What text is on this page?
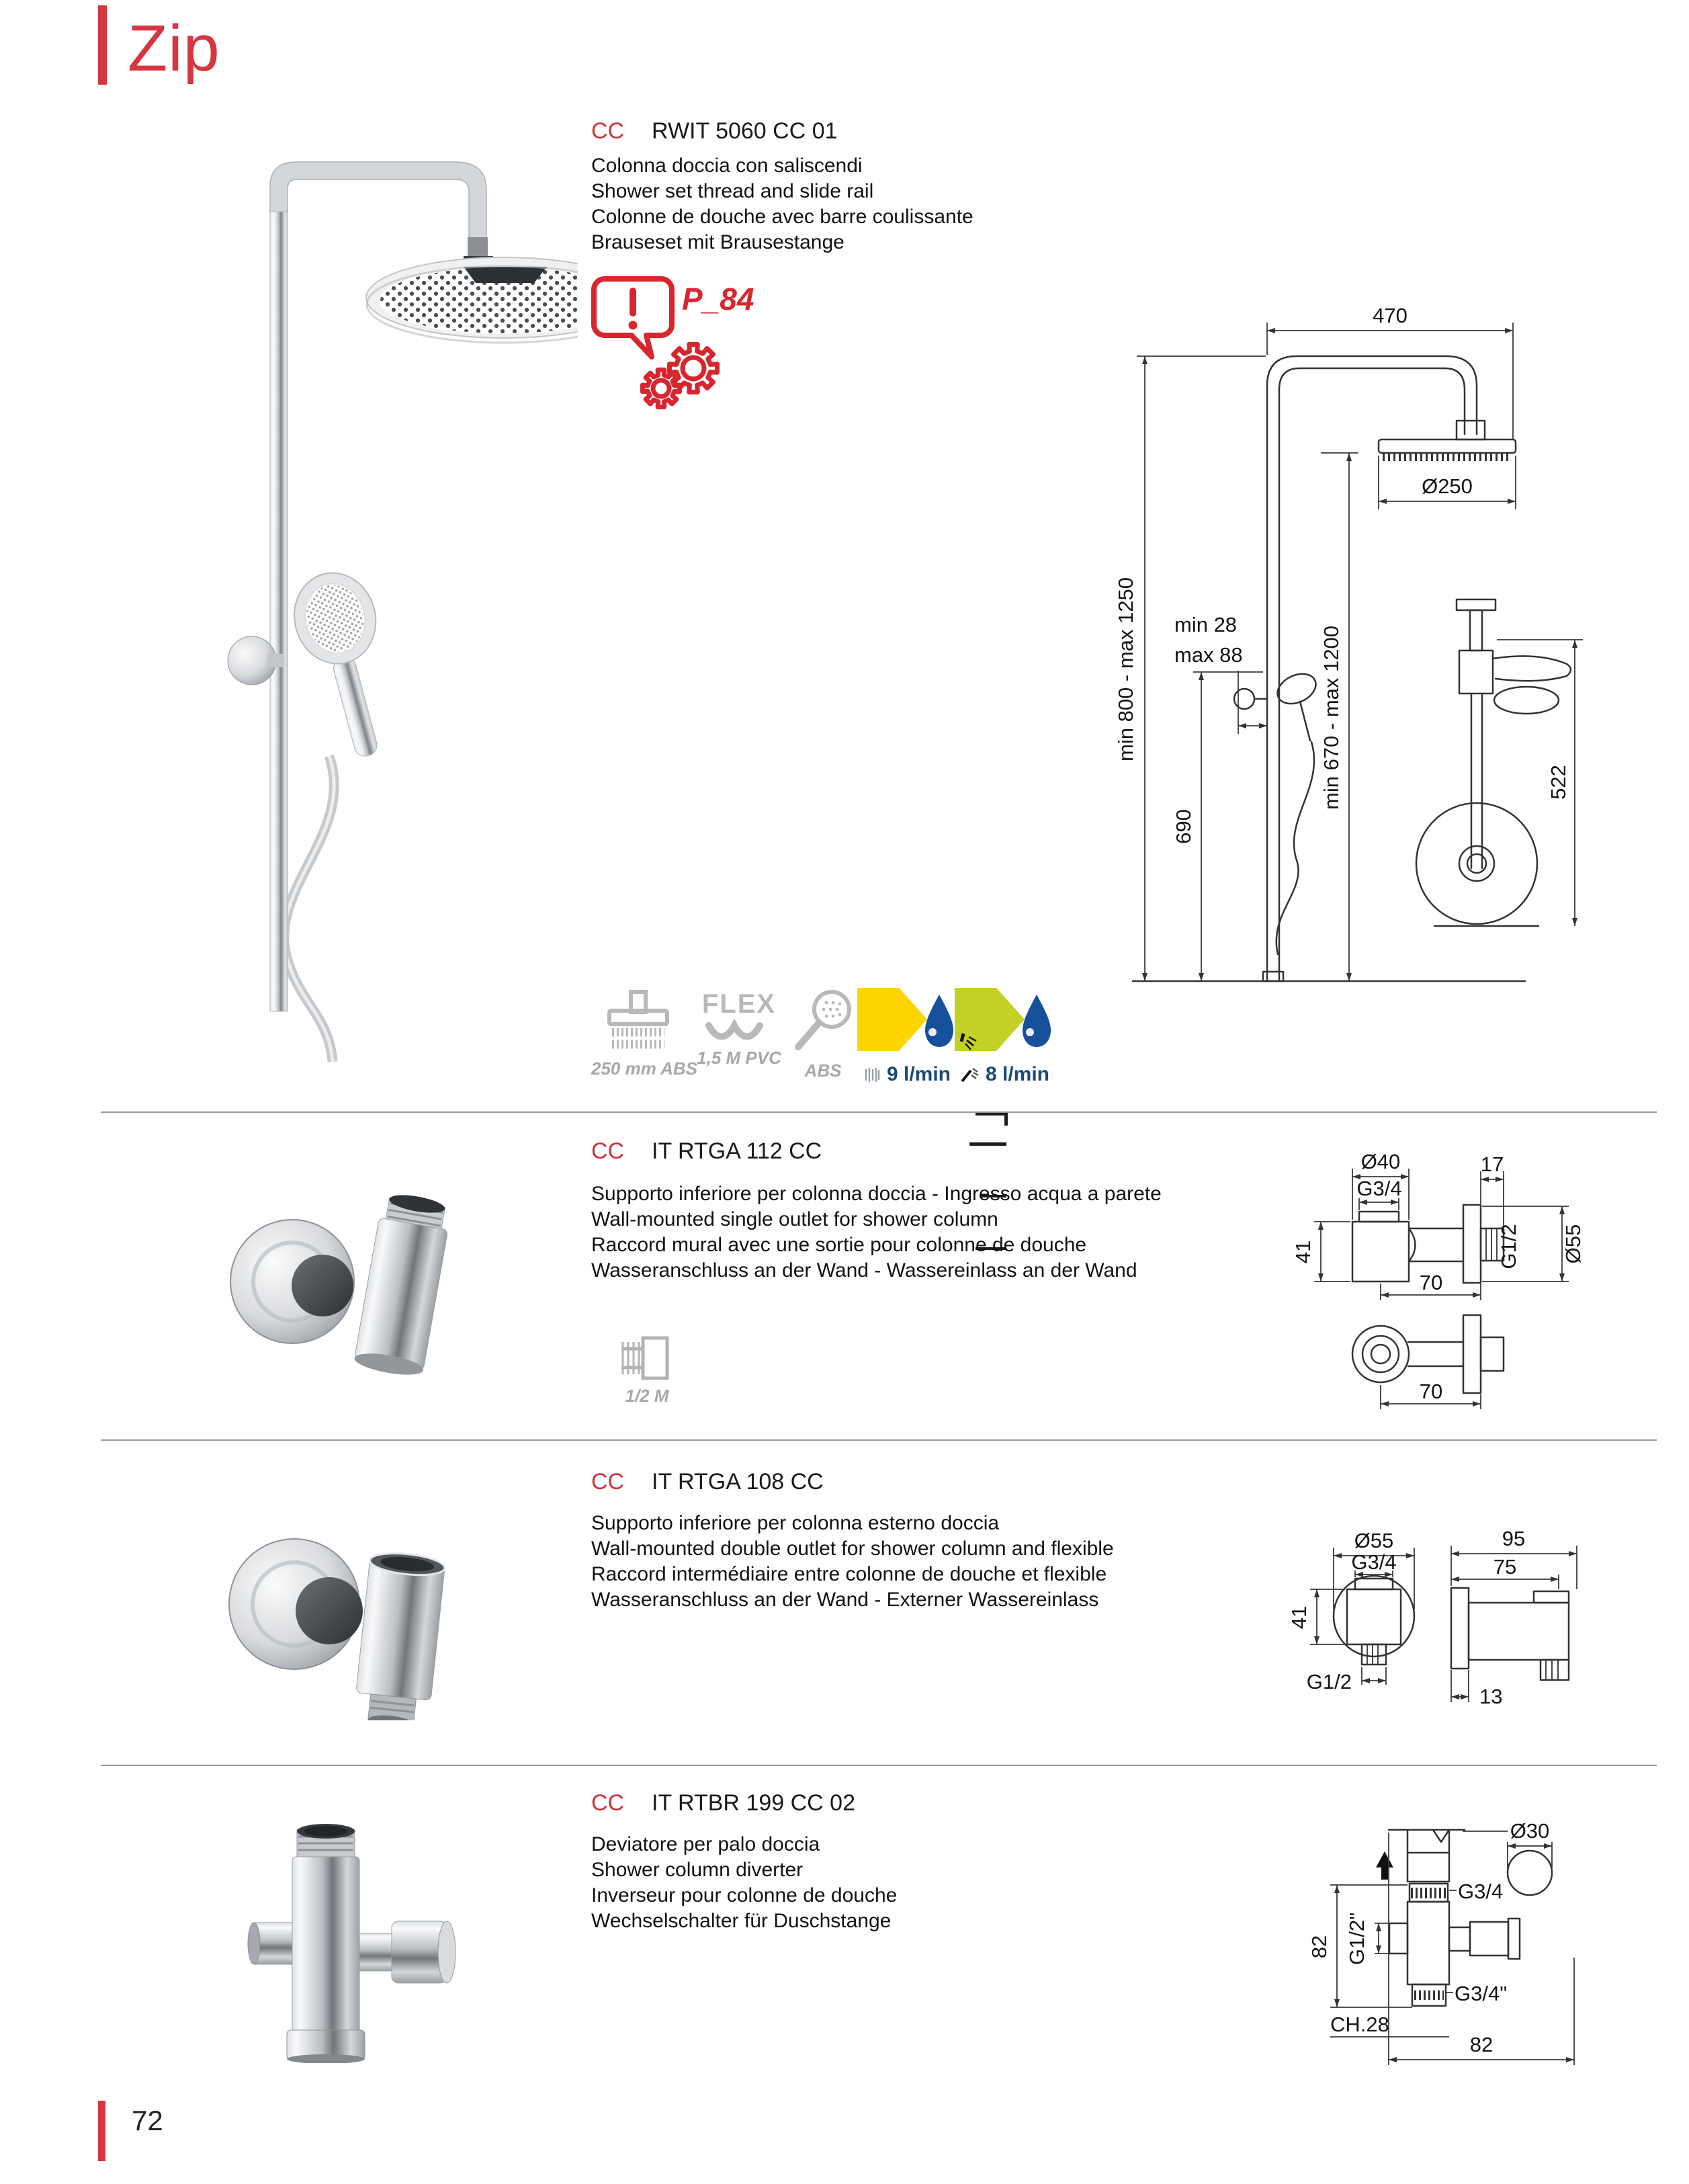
Zip
CC RWIT 5060 CC 01
Colonna doccia con saliscendi
Shower set thread and slide rail
Colonne de douche avec barre coulissante
Brauseset mit Brausestange
P_84	470
Ø250
min 800 - max 1250
690
min 670 - max 1200
min 28
max 88
522
250 mm ABS
FLEX
1,5 M PVC
ABS	9 l/min 8 l/min
CC IT RTGA 112 CC
Supporto inferiore per colonna doccia - Ingresso acqua a parete
Wall-mounted single outlet for shower column
Raccord mural avec une sortie pour colonne de douche
Wasseranschluss an der Wand - Wassereinlass an der Wand
1/2 M
Ø40
G3/4
41
17
G1/2 Ø55
70
70
CC IT RTGA 108 CC
Supporto inferiore per colonna esterno doccia
Wall-mounted double outlet for shower column and flexible
Raccord intermédiaire entre colonne de douche et flexible
Wasseranschluss an der Wand - Externer Wassereinlass
Ø55
G3/4
41
G1/2
95
75
13
CC IT RTBR 199 CC 02
Deviatore per palo doccia
Shower column diverter
Inverseur pour colonne de douche
Wechselschalter für Duschstange
G3/4
G1/2"
82
G3/4"
CH.28
82
Ø30
72
